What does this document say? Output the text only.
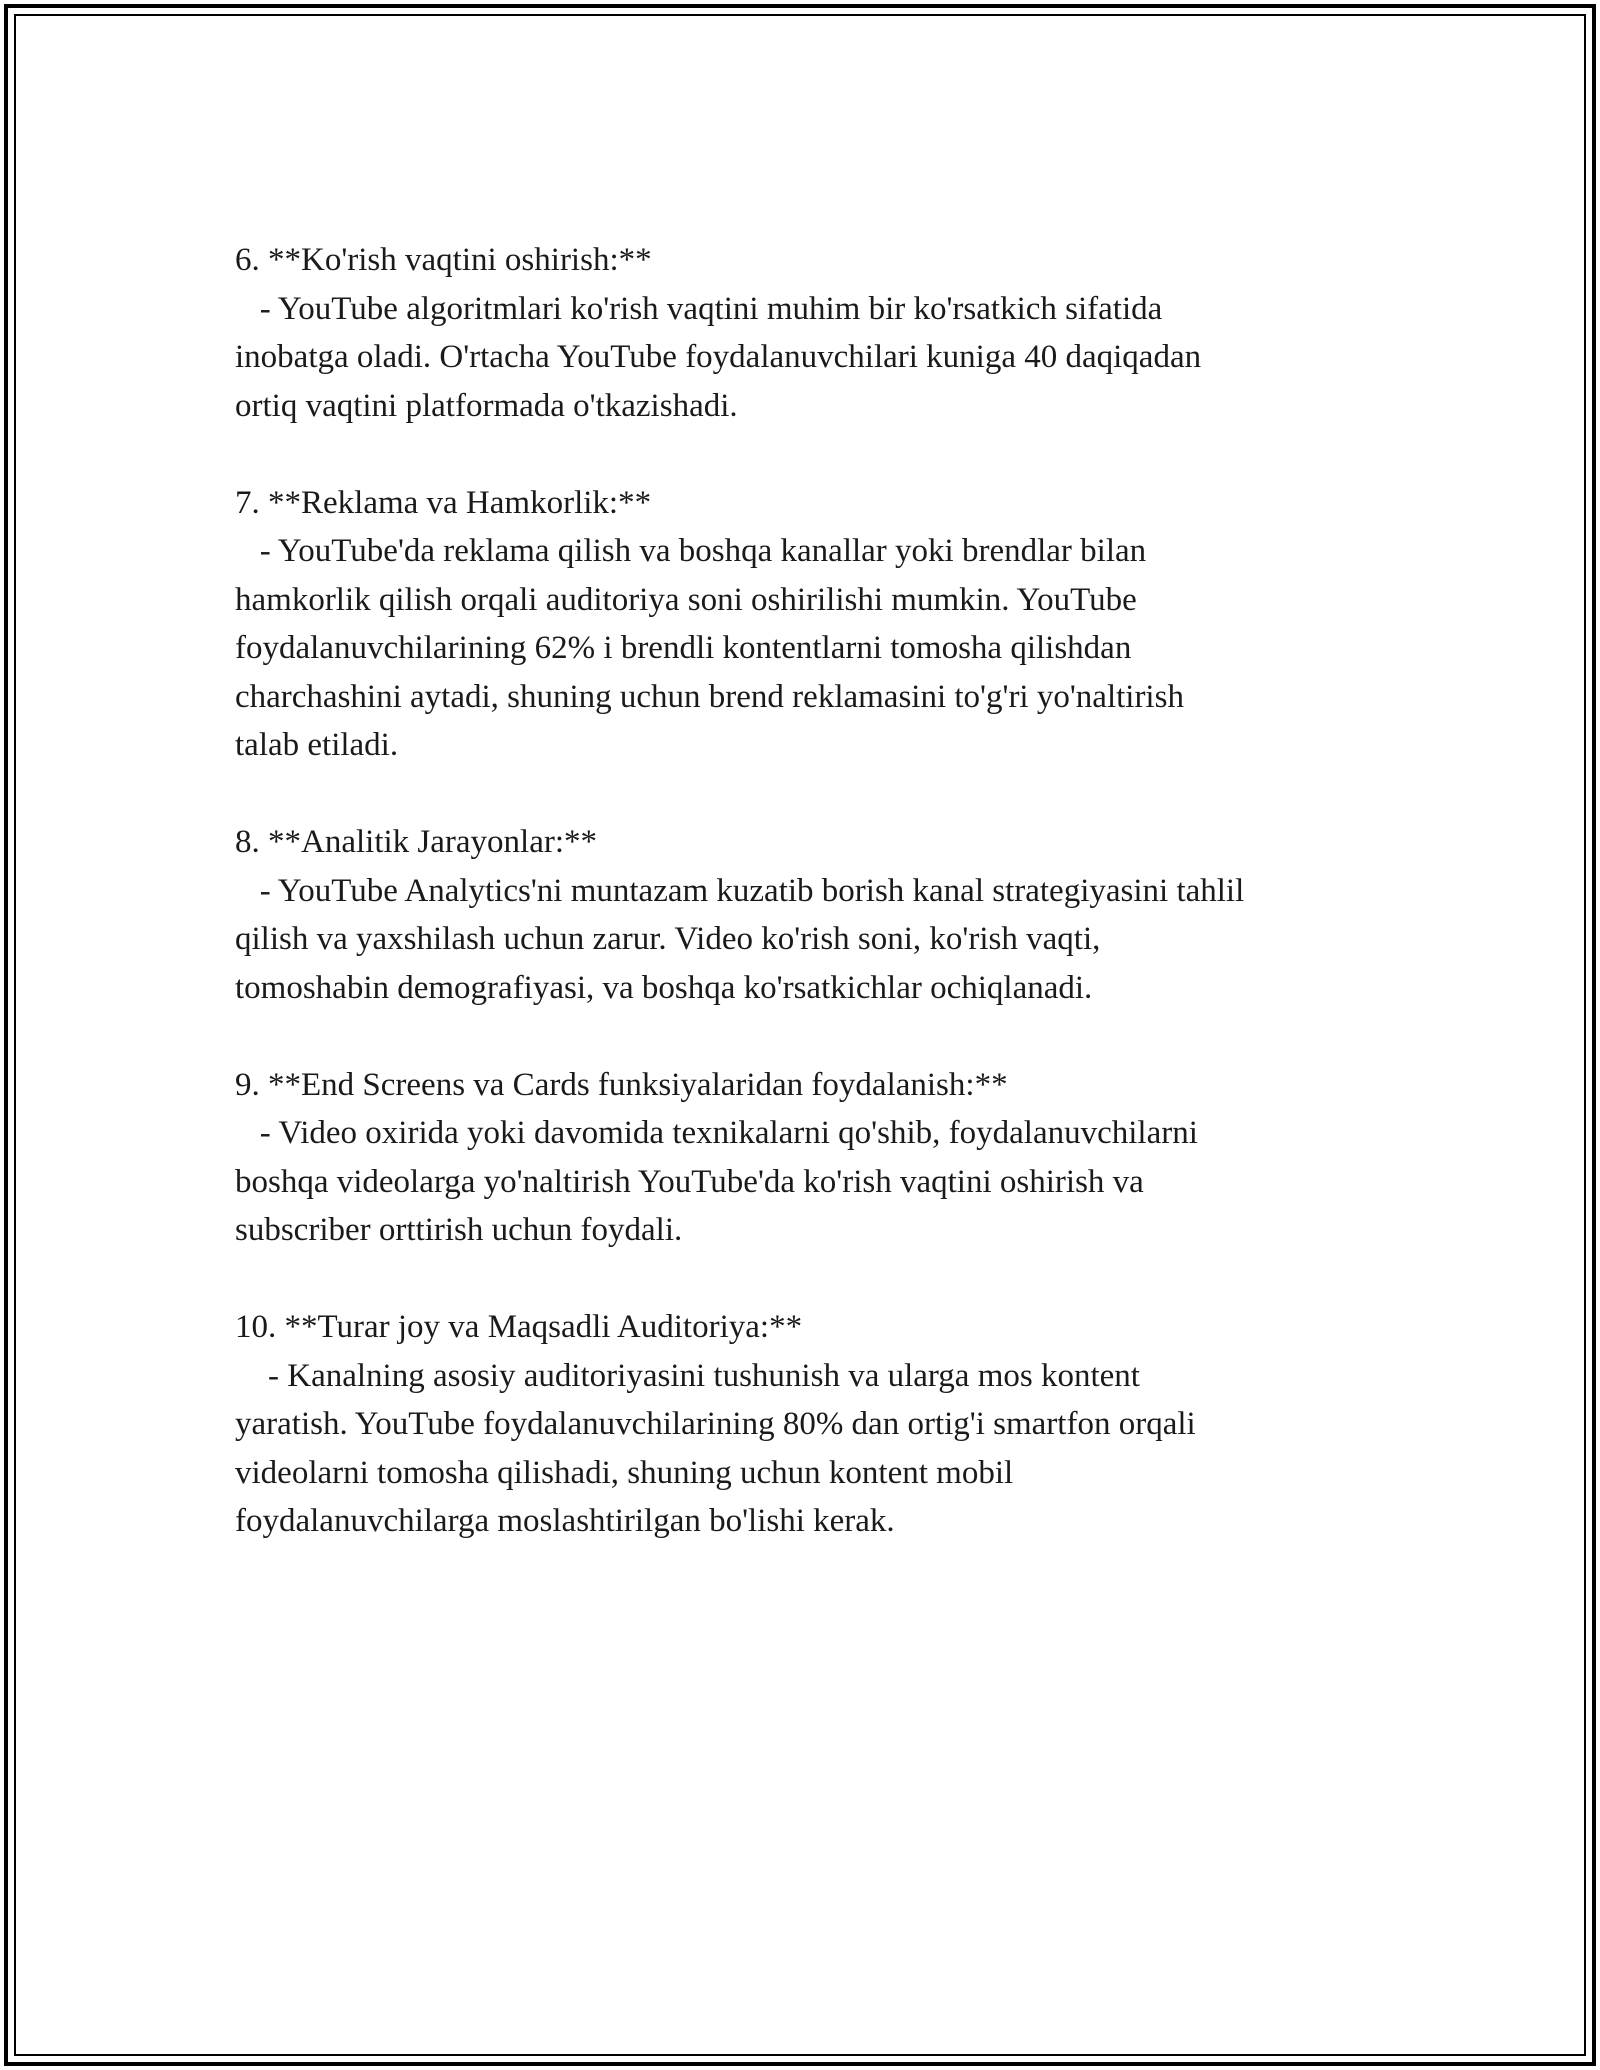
6. **Ko'rish vaqtini oshirish:**
- YouTube algoritmlari ko'rish vaqtini muhim bir ko'rsatkich sifatida
inobatga oladi. O'rtacha YouTube foydalanuvchilari kuniga 40 daqiqadan
ortiq vaqtini platformada o'tkazishadi.
7. **Reklama va Hamkorlik:**
- YouTube'da reklama qilish va boshqa kanallar yoki brendlar bilan
hamkorlik qilish orqali auditoriya soni oshirilishi mumkin. YouTube
foydalanuvchilarining 62% i brendli kontentlarni tomosha qilishdan
charchashini aytadi, shuning uchun brend reklamasini to'g'ri yo'naltirish
talab etiladi.
8. **Analitik Jarayonlar:**
- YouTube Analytics'ni muntazam kuzatib borish kanal strategiyasini tahlil
qilish va yaxshilash uchun zarur. Video ko'rish soni, ko'rish vaqti,
tomoshabin demografiyasi, va boshqa ko'rsatkichlar ochiqlanadi.
9. **End Screens va Cards funksiyalaridan foydalanish:**
- Video oxirida yoki davomida texnikalarni qo'shib, foydalanuvchilarni
boshqa videolarga yo'naltirish YouTube'da ko'rish vaqtini oshirish va
subscriber orttirish uchun foydali.
10. **Turar joy va Maqsadli Auditoriya:**
- Kanalning asosiy auditoriyasini tushunish va ularga mos kontent
yaratish. YouTube foydalanuvchilarining 80% dan ortig'i smartfon orqali
videolarni tomosha qilishadi, shuning uchun kontent mobil
foydalanuvchilarga moslashtirilgan bo'lishi kerak.
